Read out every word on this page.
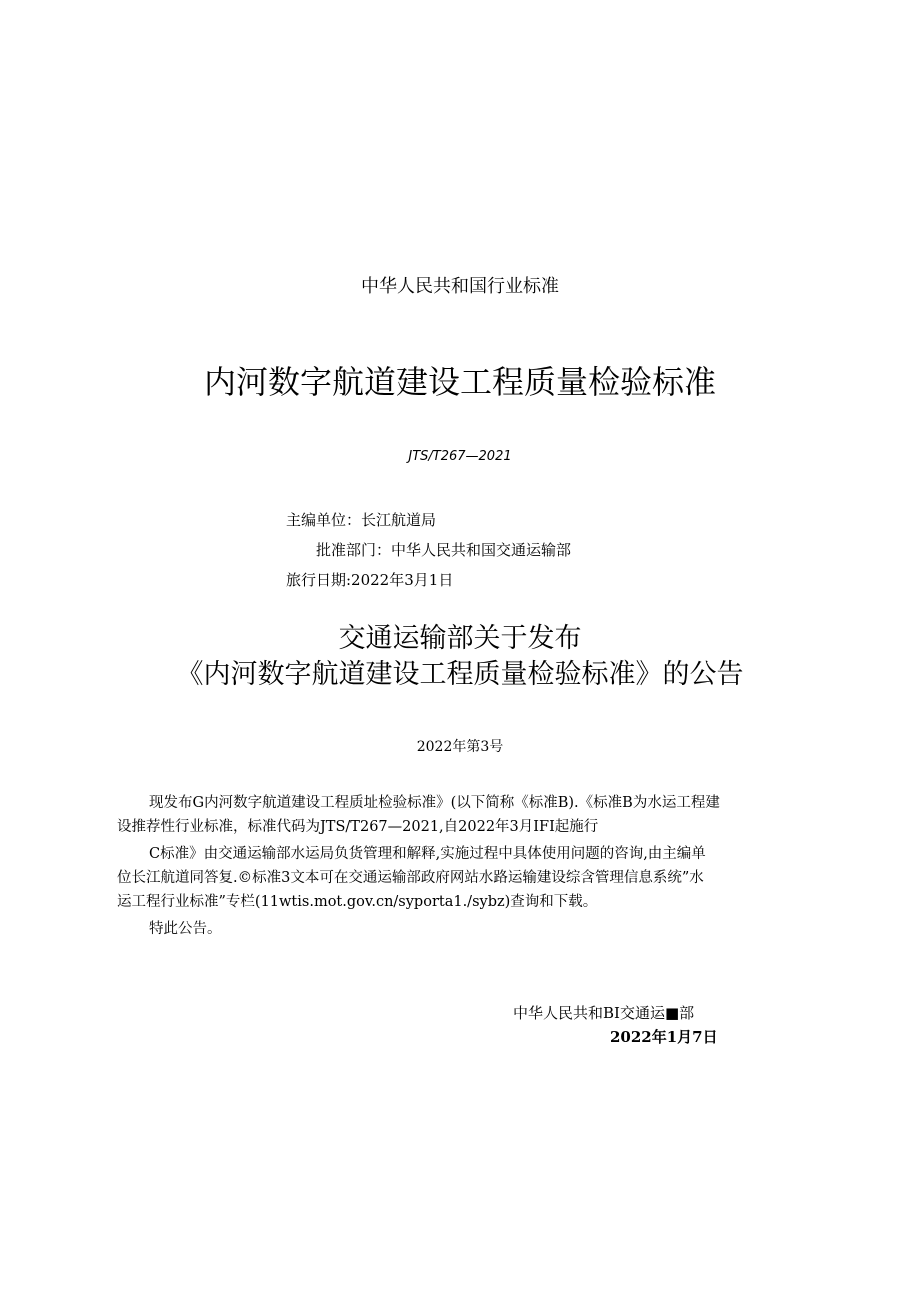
中华人民共和国行业标准
内河数字航道建设工程质量检验标准
JTS/T267—2021
主编单位：长江航道局
批准部门：中华人民共和国交通运输部
旅行日期:2022年3月1日
交通运输部关于发布
《内河数字航道建设工程质量检验标准》的公告
2022年第3号
现发布G内河数字航道建设工程质址检验标准》(以下简称《标准B).《标准B为水运工程建
设推荐性行业标准，标准代码为JTS/T267—2021,自2022年3月IFI起施行
C标准》由交通运输部水运局负货管理和解释,实施过程中具体使用问题的咨询,由主编单
位长江航道同答复.©标准3文本可在交通运输部政府网站水路运输建设综含管理信息系统”水
运工程行业标准”专栏(11wtis.mot.gov.cn/syporta1./sybz)查询和下载。
特此公告。
中华人民共和BI交通运■部
2022年1月7日
